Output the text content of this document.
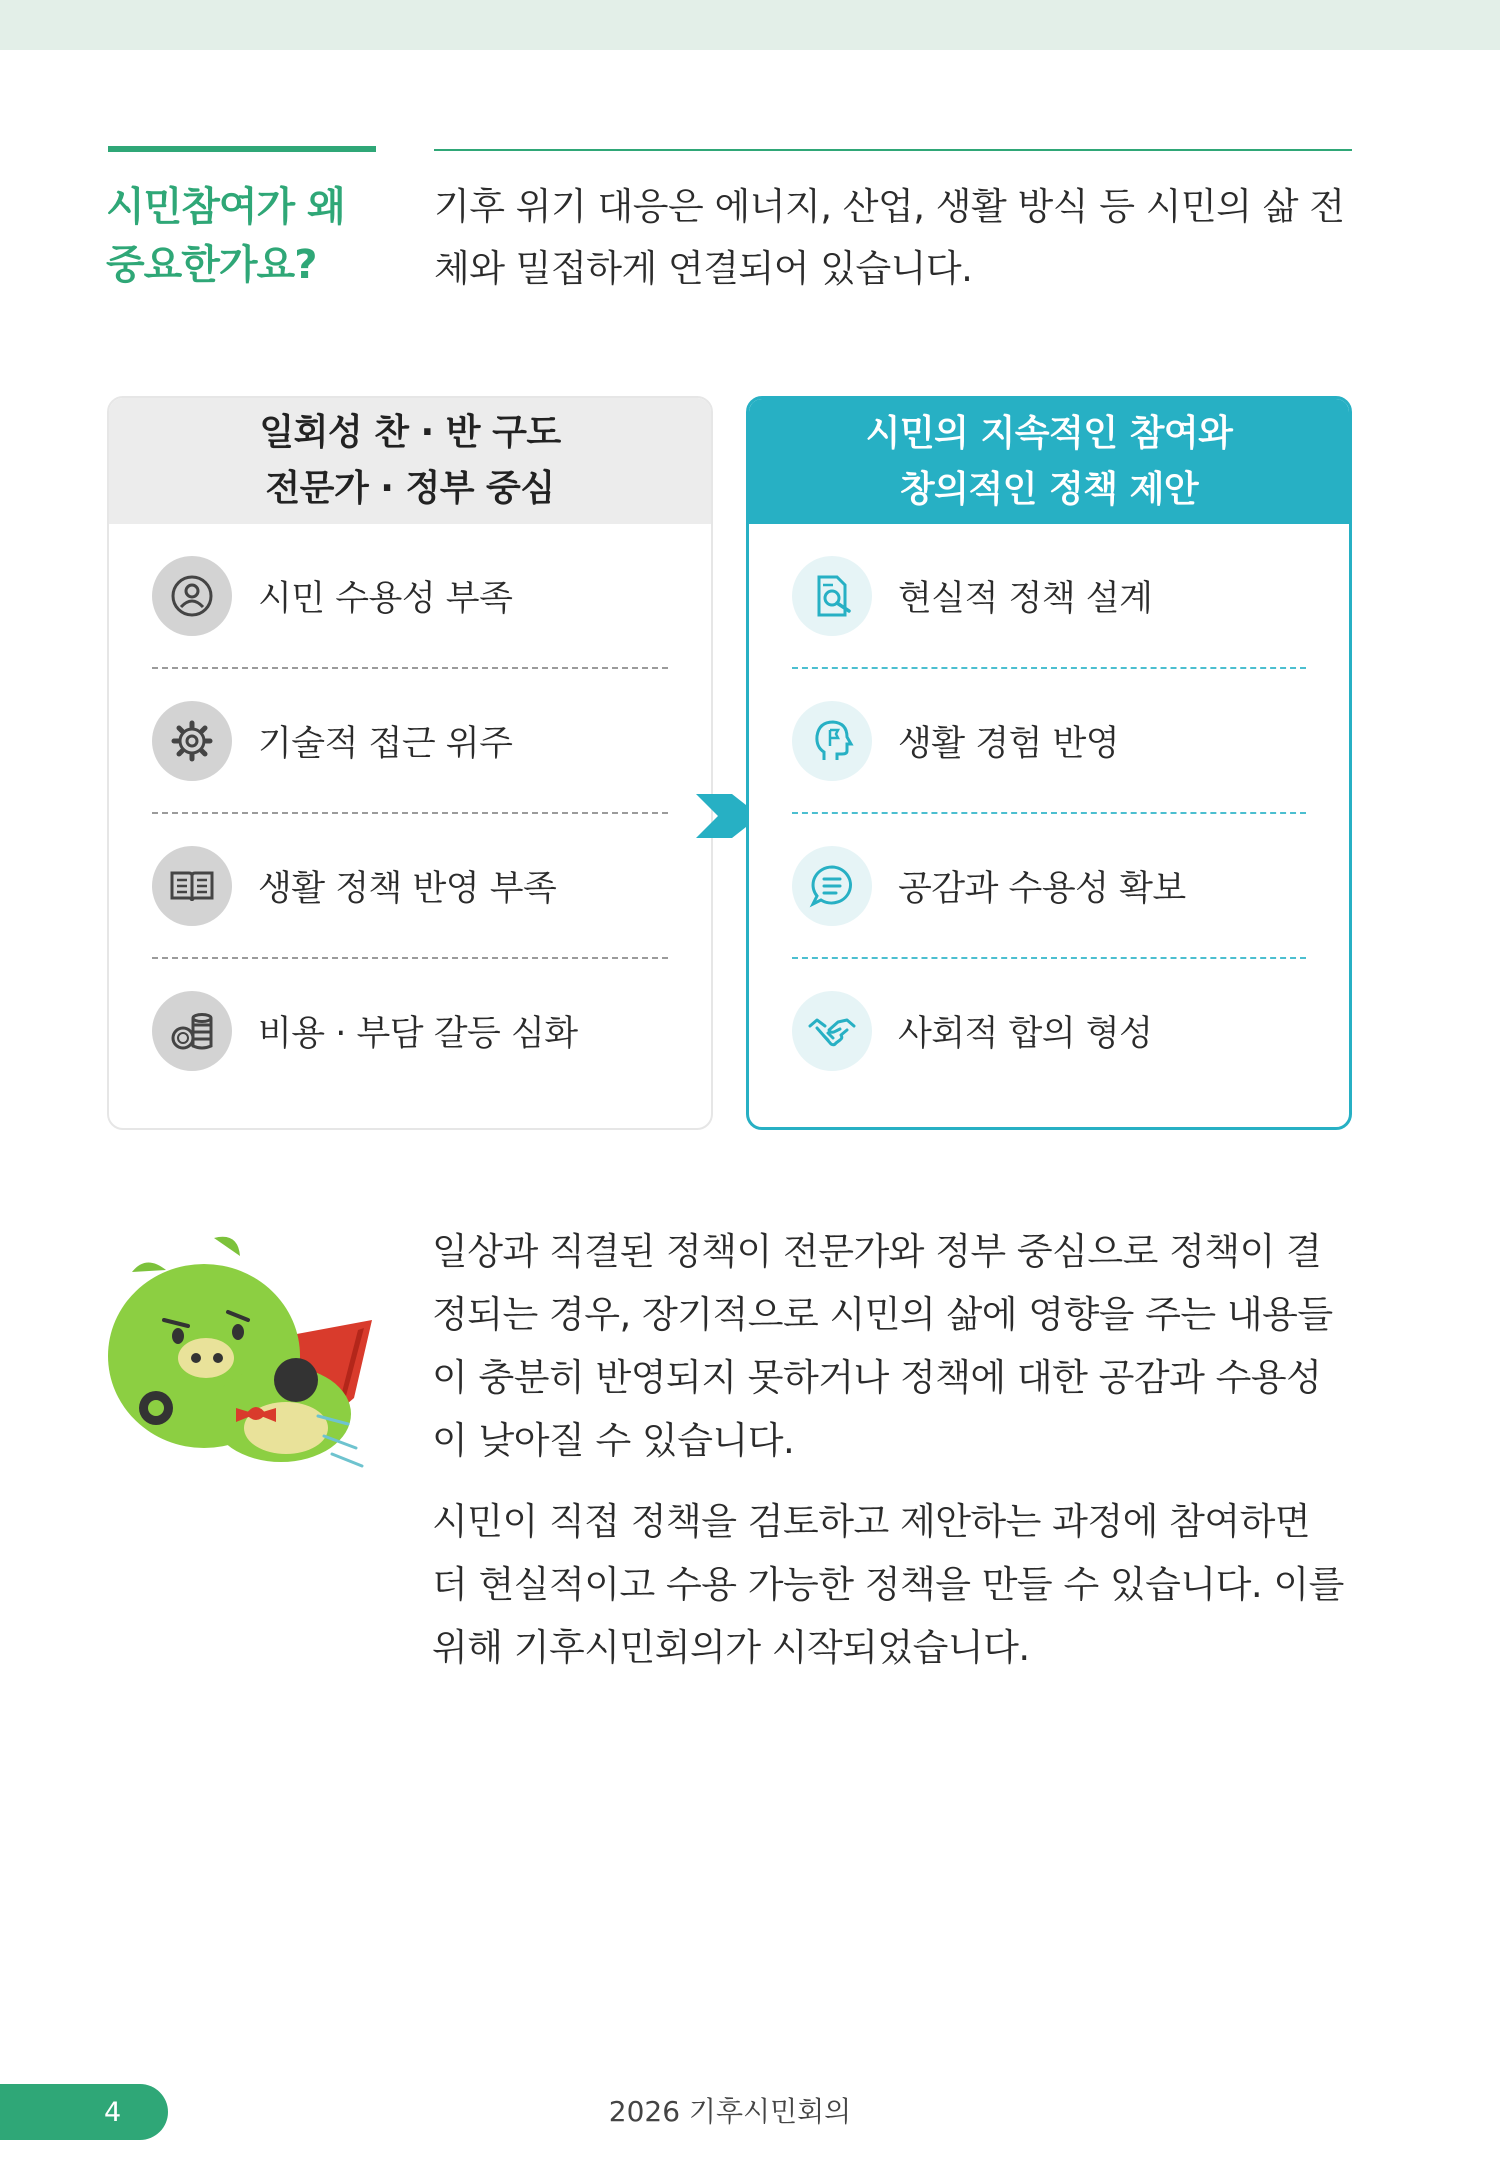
시민참여가 왜
중요한가요?
기후 위기 대응은 에너지, 산업, 생활 방식 등 시민의 삶 전체와 밀접하게 연결되어 있습니다.
일회성 찬 · 반 구도
전문가 · 정부 중심
시민 수용성 부족
기술적 접근 위주
생활 정책 반영 부족
비용 · 부담 갈등 심화
시민의 지속적인 참여와
창의적인 정책 제안
현실적 정책 설계
생활 경험 반영
공감과 수용성 확보
사회적 합의 형성
일상과 직결된 정책이 전문가와 정부 중심으로 정책이 결정되는 경우, 장기적으로 시민의 삶에 영향을 주는 내용들이 충분히 반영되지 못하거나 정책에 대한 공감과 수용성이 낮아질 수 있습니다.
시민이 직접 정책을 검토하고 제안하는 과정에 참여하면 더 현실적이고 수용 가능한 정책을 만들 수 있습니다. 이를 위해 기후시민회의가 시작되었습니다.
4	2026 기후시민회의
